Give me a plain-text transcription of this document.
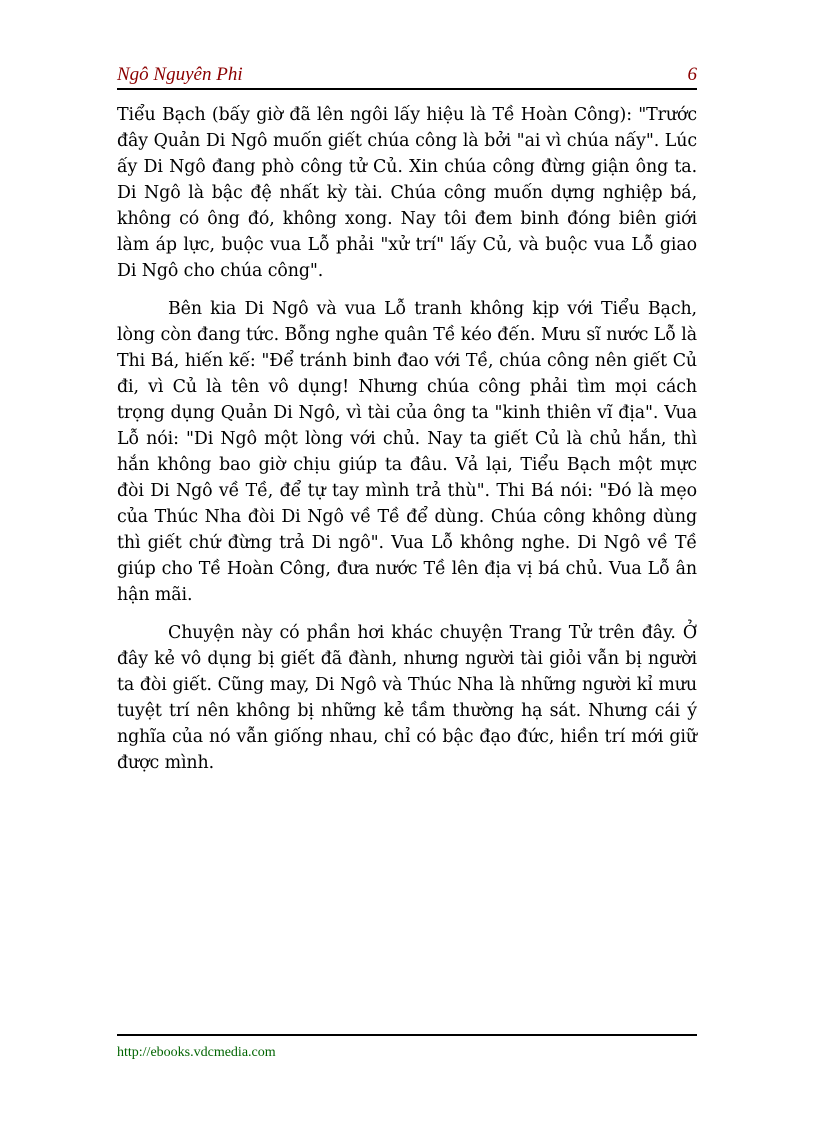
Ngô Nguyên Phi	6

Tiểu Bạch (bấy giờ đã lên ngôi lấy hiệu là Tề Hoàn Công): "Trước đây Quản Di Ngô muốn giết chúa công là bởi "ai vì chúa nấy". Lúc ấy Di Ngô đang phò công tử Củ. Xin chúa công đừng giận ông ta. Di Ngô là bậc đệ nhất kỳ tài. Chúa công muốn dựng nghiệp bá, không có ông đó, không xong. Nay tôi đem binh đóng biên giới làm áp lực, buộc vua Lỗ phải "xử trí" lấy Củ, và buộc vua Lỗ giao Di Ngô cho chúa công".

Bên kia Di Ngô và vua Lỗ tranh không kịp với Tiểu Bạch, lòng còn đang tức. Bỗng nghe quân Tề kéo đến. Mưu sĩ nước Lỗ là Thi Bá, hiến kế: "Để tránh binh đao với Tề, chúa công nên giết Củ đi, vì Củ là tên vô dụng! Nhưng chúa công phải tìm mọi cách trọng dụng Quản Di Ngô, vì tài của ông ta "kinh thiên vĩ địa". Vua Lỗ nói: "Di Ngô một lòng với chủ. Nay ta giết Củ là chủ hắn, thì hắn không bao giờ chịu giúp ta đâu. Vả lại, Tiểu Bạch một mực đòi Di Ngô về Tề, để tự tay mình trả thù". Thi Bá nói: "Đó là mẹo của Thúc Nha đòi Di Ngô về Tề để dùng. Chúa công không dùng thì giết chứ đừng trả Di ngô". Vua Lỗ không nghe. Di Ngô về Tề giúp cho Tề Hoàn Công, đưa nước Tề lên địa vị bá chủ. Vua Lỗ ân hận mãi.

Chuyện này có phần hơi khác chuyện Trang Tử trên đây. Ở đây kẻ vô dụng bị giết đã đành, nhưng người tài giỏi vẫn bị người ta đòi giết. Cũng may, Di Ngô và Thúc Nha là những người kỉ mưu tuyệt trí nên không bị những kẻ tầm thường hạ sát. Nhưng cái ý nghĩa của nó vẫn giống nhau, chỉ có bậc đạo đức, hiền trí mới giữ được mình.

http://ebooks.vdcmedia.com
